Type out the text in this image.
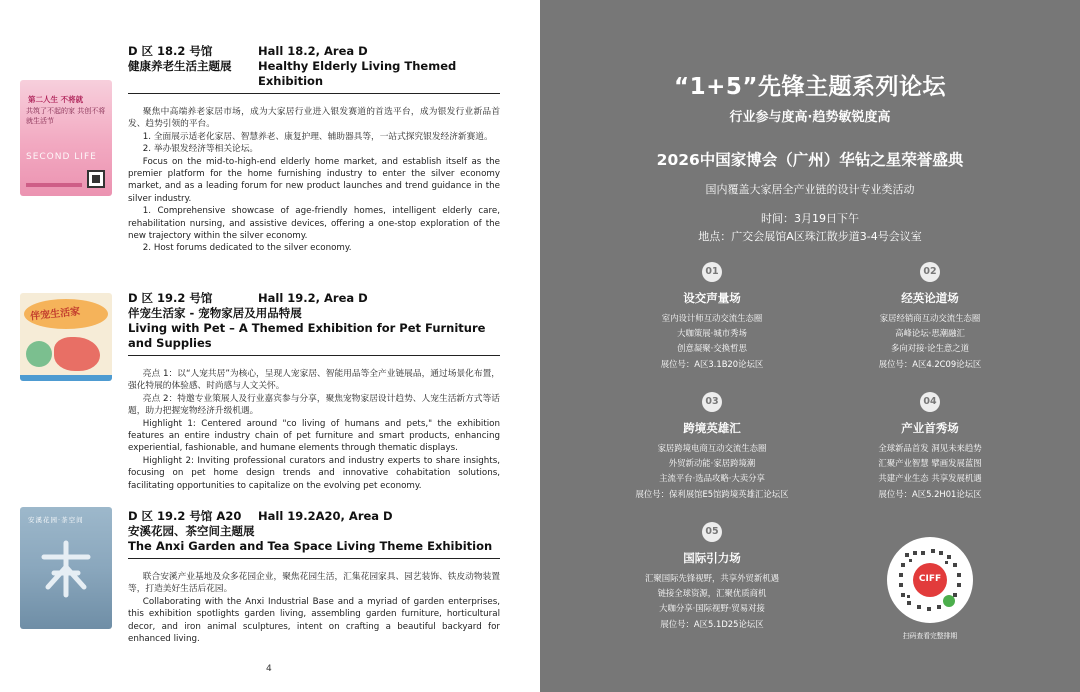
第二人生 不将就
共筑了不起的家 共创不将就生活节
SECOND LIFE
D 区 18.2 号馆	Hall 18.2, Area D
健康养老生活主题展	Healthy Elderly Living Themed Exhibition

聚焦中高端养老家居市场，成为大家居行业进入银发赛道的首选平台，成为银发行业新品首发、趋势引领的平台。

1. 全面展示适老化家居、智慧养老、康复护理、辅助器具等，一站式探究银发经济新赛道。

2. 举办银发经济等相关论坛。

Focus on the mid-to-high-end elderly home market, and establish itself as the premier platform for the home furnishing industry to enter the silver economy market, and as a leading forum for new product launches and trend guidance in the silver industry.

1. Comprehensive showcase of age-friendly homes, intelligent elderly care, rehabilitation nursing, and assistive devices, offering a one-stop exploration of the new trajectory within the silver economy.

2. Host forums dedicated to the silver economy.

伴宠生活家
D 区 19.2 号馆	Hall 19.2, Area D
伴宠生活家 - 宠物家居及用品特展
Living with Pet – A Themed Exhibition for Pet Furniture and Supplies

亮点 1：以“人宠共居”为核心，呈现人宠家居、智能用品等全产业链展品，通过场景化布置，强化特展的体验感、时尚感与人文关怀。

亮点 2：特邀专业策展人及行业嘉宾参与分享，聚焦宠物家居设计趋势、人宠生活新方式等话题，助力把握宠物经济升级机遇。

Highlight 1: Centered around "co living of humans and pets," the exhibition features an entire industry chain of pet furniture and smart products, enhancing experiential, fashionable, and humane elements through thematic displays.

Highlight 2: Inviting professional curators and industry experts to share insights, focusing on pet home design trends and innovative cohabitation solutions, facilitating opportunities to capitalize on the evolving pet economy.

安溪花园·茶空间	D 区 19.2 号馆 A20	Hall 19.2A20, Area D
安溪花园、茶空间主题展
The Anxi Garden and Tea Space Living Theme Exhibition

联合安溪产业基地及众多花园企业，聚焦花园生活，汇集花园家具、园艺装饰、铁皮动物装置等，打造美好生活后花园。

Collaborating with the Anxi Industrial Base and a myriad of garden enterprises, this exhibition spotlights garden living, assembling garden furniture, horticultural decor, and iron animal sculptures, intent on crafting a beautiful backyard for enhanced living.

4
“1+5”先锋主题系列论坛
行业参与度高·趋势敏锐度高
2026中国家博会（广州）华钻之星荣誉盛典
国内覆盖大家居全产业链的设计专业类活动
时间：3月19日下午
地点：广交会展馆A区珠江散步道3-4号会议室
01
设交声量场
室内设计师互动交流生态圈
大咖策展·城市秀场
创意凝聚·交换哲思
展位号：A区3.1B20论坛区
02
经英论道场
家居经销商互动交流生态圈
高峰论坛·思潮融汇
多向对接·论生意之道
展位号：A区4.2C09论坛区
03
跨境英雄汇
家居跨境电商互动交流生态圈
外贸新动能·家居跨境潮
主流平台·选品攻略·大卖分享
展位号：保利展馆E5馆跨境英雄汇论坛区
04
产业首秀场
全球新品首发 洞见未来趋势
汇聚产业智慧 擘画发展蓝图
共建产业生态 共享发展机遇
展位号：A区5.2H01论坛区
05
国际引力场
汇聚国际先锋视野，共享外贸新机遇
链接全球资源，汇聚优质商机
大咖分享·国际视野·贸易对接
展位号：A区5.1D25论坛区
CIFF
扫码查看完整排期
